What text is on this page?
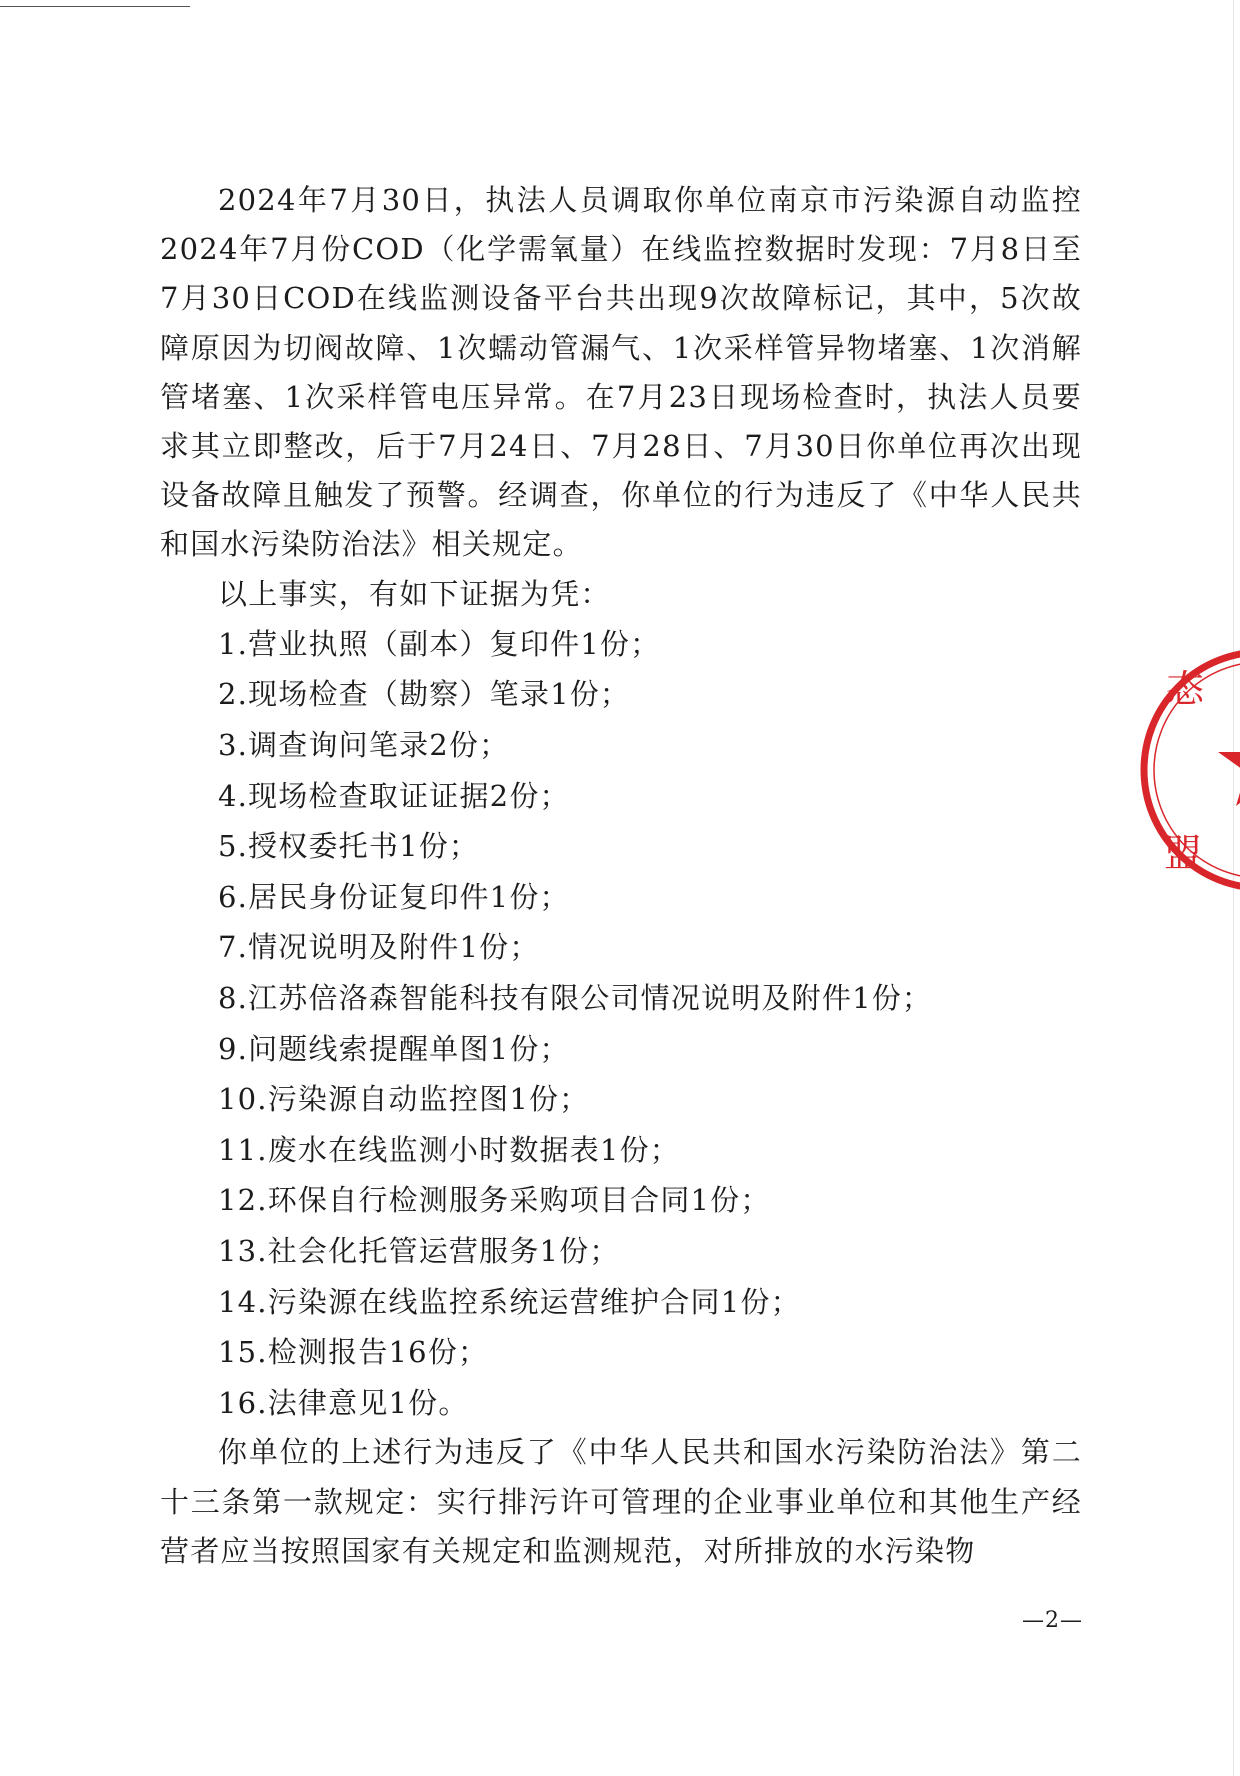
2024年7月30日，执法人员调取你单位南京市污染源自动监控2024年7月份COD（化学需氧量）在线监控数据时发现：7月8日至7月30日COD在线监测设备平台共出现9次故障标记，其中，5次故障原因为切阀故障、1次蠕动管漏气、1次采样管异物堵塞、1次消解管堵塞、1次采样管电压异常。在7月23日现场检查时，执法人员要求其立即整改，后于7月24日、7月28日、7月30日你单位再次出现设备故障且触发了预警。经调查，你单位的行为违反了《中华人民共和国水污染防治法》相关规定。

以上事实，有如下证据为凭：

1.营业执照（副本）复印件1份；
2.现场检查（勘察）笔录1份；
3.调查询问笔录2份；
4.现场检查取证证据2份；
5.授权委托书1份；
6.居民身份证复印件1份；
7.情况说明及附件1份；
8.江苏倍洛森智能科技有限公司情况说明及附件1份；
9.问题线索提醒单图1份；
10.污染源自动监控图1份；
11.废水在线监测小时数据表1份；
12.环保自行检测服务采购项目合同1份；
13.社会化托管运营服务1份；
14.污染源在线监控系统运营维护合同1份；
15.检测报告16份；
16.法律意见1份。

你单位的上述行为违反了《中华人民共和国水污染防治法》第二十三条第一款规定：实行排污许可管理的企业事业单位和其他生产经营者应当按照国家有关规定和监测规范，对所排放的水污染物

态
盟
—2—
